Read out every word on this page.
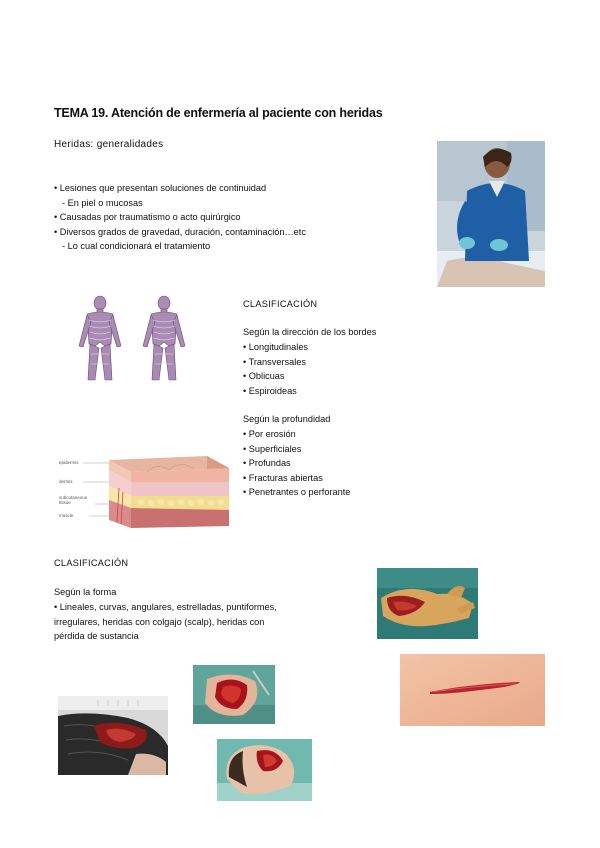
TEMA 19. Atención de enfermería al paciente con heridas
Heridas: generalidades
• Lesiones que presentan soluciones de continuidad
- En piel o mucosas
• Causadas por traumatismo o acto quirúrgico
• Diversos grados de gravedad, duración, contaminación…etc
- Lo cual condicionará el tratamiento
epidermis
dermis
subcutaneous tissue
muscle
CLASIFICACIÓN
Según la dirección de los bordes
• Longitudinales
• Transversales
• Oblicuas
• Espiroideas
Según la profundidad
• Por erosión
• Superficiales
• Profundas
• Fracturas abiertas
• Penetrantes o perforante
CLASIFICACIÓN
Según la forma
• Lineales, curvas, angulares, estrelladas, puntiformes,
irregulares, heridas con colgajo (scalp), heridas con
pérdida de sustancia
